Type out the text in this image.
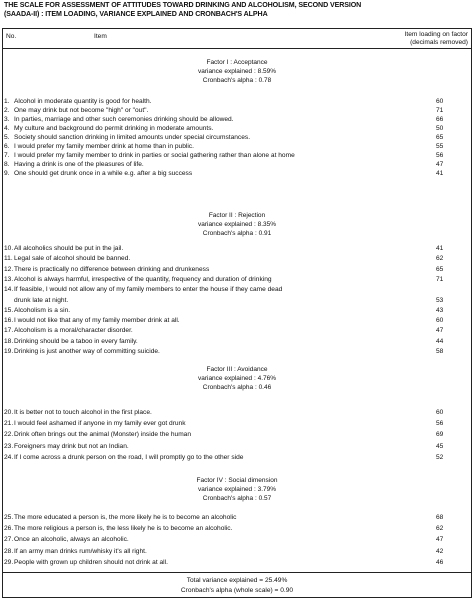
THE SCALE FOR ASSESSMENT OF ATTITUDES TOWARD DRINKING AND ALCOHOLISM, SECOND VERSION
(SAADA-II) : ITEM LOADING, VARIANCE EXPLAINED AND CRONBACH'S ALPHA
No.	Item	Item loading on factor
(decimals removed)
Factor I : Acceptance
variance explained : 8.59%
Cronbach's alpha : 0.78
1. Alcohol in moderate quantity is good for health.	60
2. One may drink but not become "high" or "out".	71
3. In parties, marriage and other such ceremonies drinking should be allowed.	66
4. My culture and background do permit drinking in moderate amounts.	50
5. Society should sanction drinking in limited amounts under special circumstances.	65
6. I would prefer my family member drink at home than in public.	55
7. I would prefer my family member to drink in parties or social gathering rather than alone at home	56
8. Having a drink is one of the pleasures of life.	47
9. One should get drunk once in a while e.g. after a big success	41
Factor II : Rejection
variance explained : 8.35%
Cronbach's alpha : 0.91
10. All alcoholics should be put in the jail.	41
11. Legal sale of alcohol should be banned.	62
12. There is practically no difference between drinking and drunkeness	65
13. Alcohol is always harmful, irrespective of the quantity, frequency and duration of drinking	71
14. If feasible, I would not allow any of my family members to enter the house if they came dead
drunk late at night.	53
15. Alcoholism is a sin.	43
16. I would not like that any of my family member drink at all.	60
17. Alcoholism is a moral/character disorder.	47
18. Drinking should be a taboo in every family.	44
19. Drinking is just another way of committing suicide.	58
Factor III : Avoidance
variance explained : 4.76%
Cronbach's alpha : 0.46
20. It is better not to touch alcohol in the first place.	60
21. I would feel ashamed if anyone in my family ever got drunk	56
22. Drink often brings out the animal (Monster) inside the human	69
23. Foreigners may drink but not an Indian.	45
24. If I come across a drunk person on the road, I will promptly go to the other side	52
Factor IV : Social dimension
variance explained : 3.79%
Cronbach's alpha : 0.57
25. The more educated a person is, the more likely he is to become an alcoholic	68
26. The more religious a person is, the less likely he is to become an alcoholic.	62
27. Once an alcoholic, always an alcoholic.	47
28. If an army man drinks rum/whisky it's all right.	42
29. People with grown up children should not drink at all.	46
Total variance explained = 25.49%
Cronbach's alpha (whole scale) = 0.90
